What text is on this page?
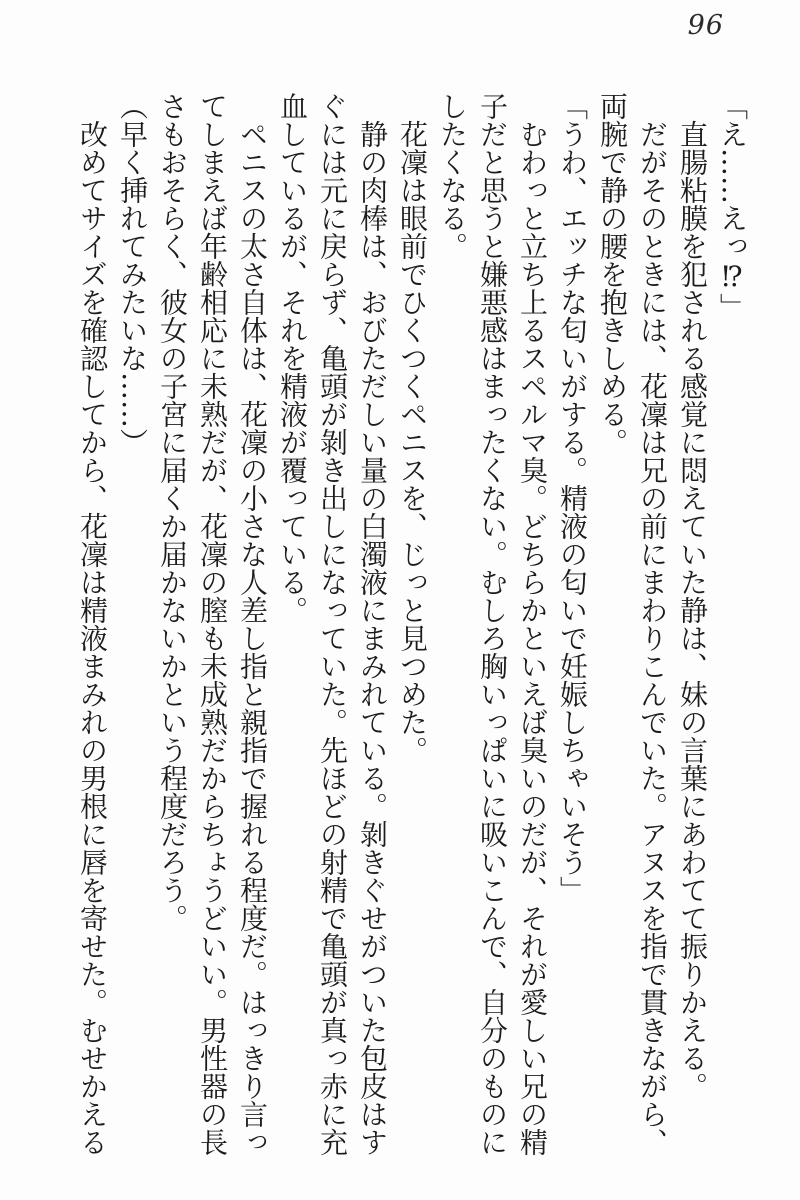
96

「え……えっ⁉」

直腸粘膜を犯される感覚に悶えていた静は、妹の言葉にあわてて振りかえる。

だがそのときには、花凜は兄の前にまわりこんでいた。アヌスを指で貫きながら、両腕で静の腰を抱きしめる。

「うわ、エッチな匂いがする。精液の匂いで妊娠しちゃいそう」

むわっと立ち上るスペルマ臭。どちらかといえば臭いのだが、それが愛しい兄の精子だと思うと嫌悪感はまったくない。むしろ胸いっぱいに吸いこんで、自分のものにしたくなる。

花凜は眼前でひくつくペニスを、じっと見つめた。

静の肉棒は、おびただしい量の白濁液にまみれている。剝きぐせがついた包皮はすぐには元に戻らず、亀頭が剝き出しになっていた。先ほどの射精で亀頭が真っ赤に充血しているが、それを精液が覆っている。

ペニスの太さ自体は、花凜の小さな人差し指と親指で握れる程度だ。はっきり言ってしまえば年齢相応に未熟だが、花凜の膣も未成熟だからちょうどいい。男性器の長さもおそらく、彼女の子宮に届くか届かないかという程度だろう。

（早く挿れてみたいな……）

改めてサイズを確認してから、花凜は精液まみれの男根に唇を寄せた。むせかえる
